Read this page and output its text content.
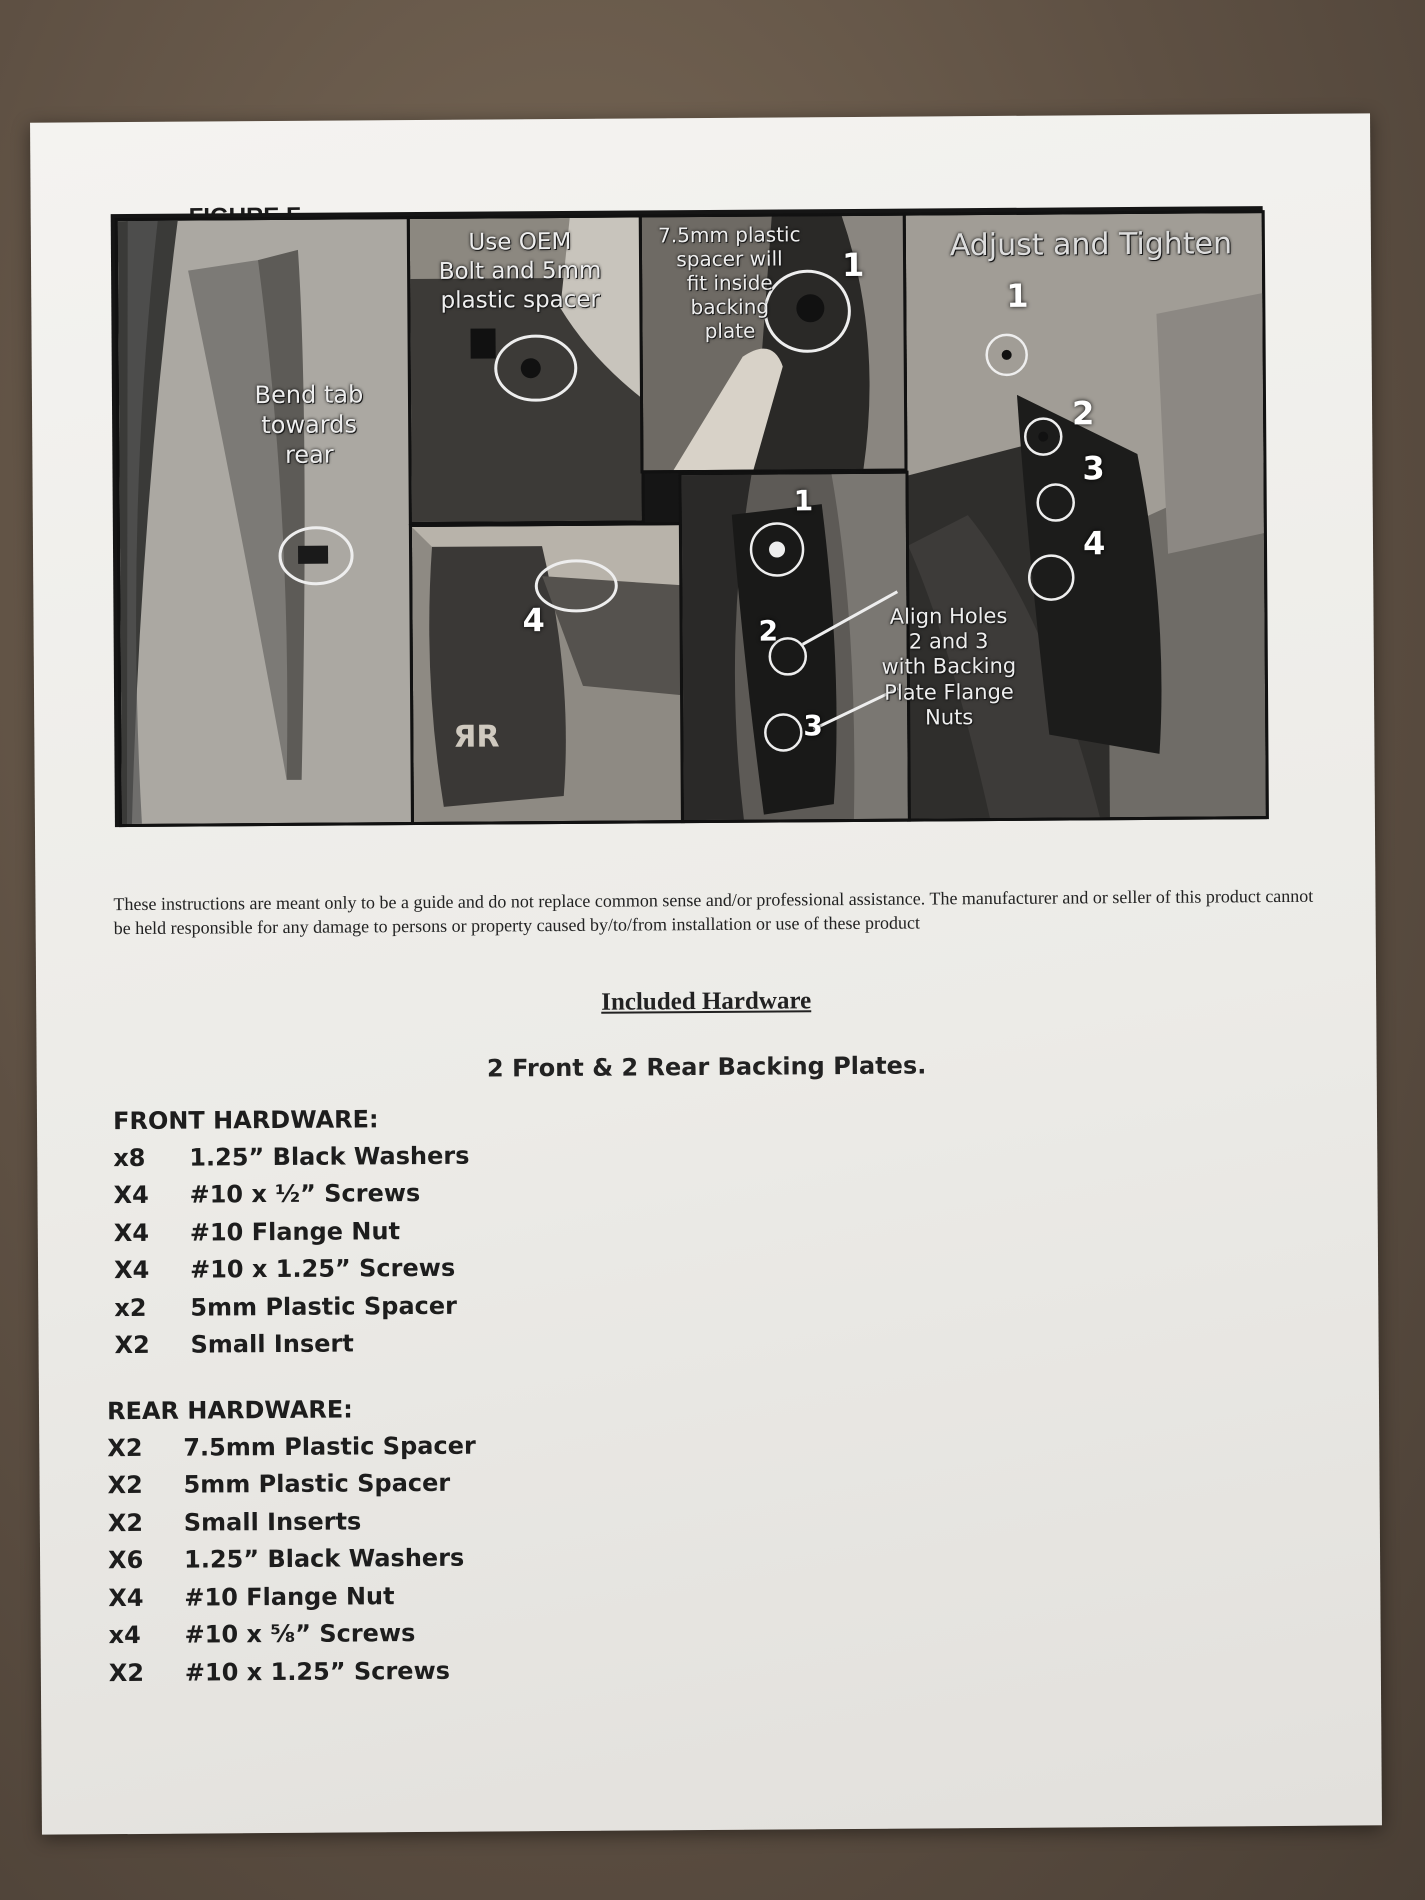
Bend tab
towards
rear
Use OEM
Bolt and 5mm
plastic spacer
7.5mm plastic
spacer will
fit inside
backing
plate
1
Adjust and Tighten
1
2
3
4
ЯR
4
1
2
3
Align Holes
2 and 3
with Backing
Plate Flange
Nuts
These instructions are meant only to be a guide and do not replace common sense and/or professional assistance. The manufacturer and or seller of this product cannot be held responsible for any damage to persons or property caused by/to/from installation or use of these product
Included Hardware
2 Front & 2 Rear Backing Plates.
FRONT HARDWARE:
x8	1.25” Black Washers
X4	#10 x ½” Screws
X4	#10 Flange Nut
X4	#10 x 1.25” Screws
x2	5mm Plastic Spacer
X2	Small Insert
REAR HARDWARE:
X2	7.5mm Plastic Spacer
X2	5mm Plastic Spacer
X2	Small Inserts
X6	1.25” Black Washers
X4	#10 Flange Nut
x4	#10 x ⅝” Screws
X2	#10 x 1.25” Screws
